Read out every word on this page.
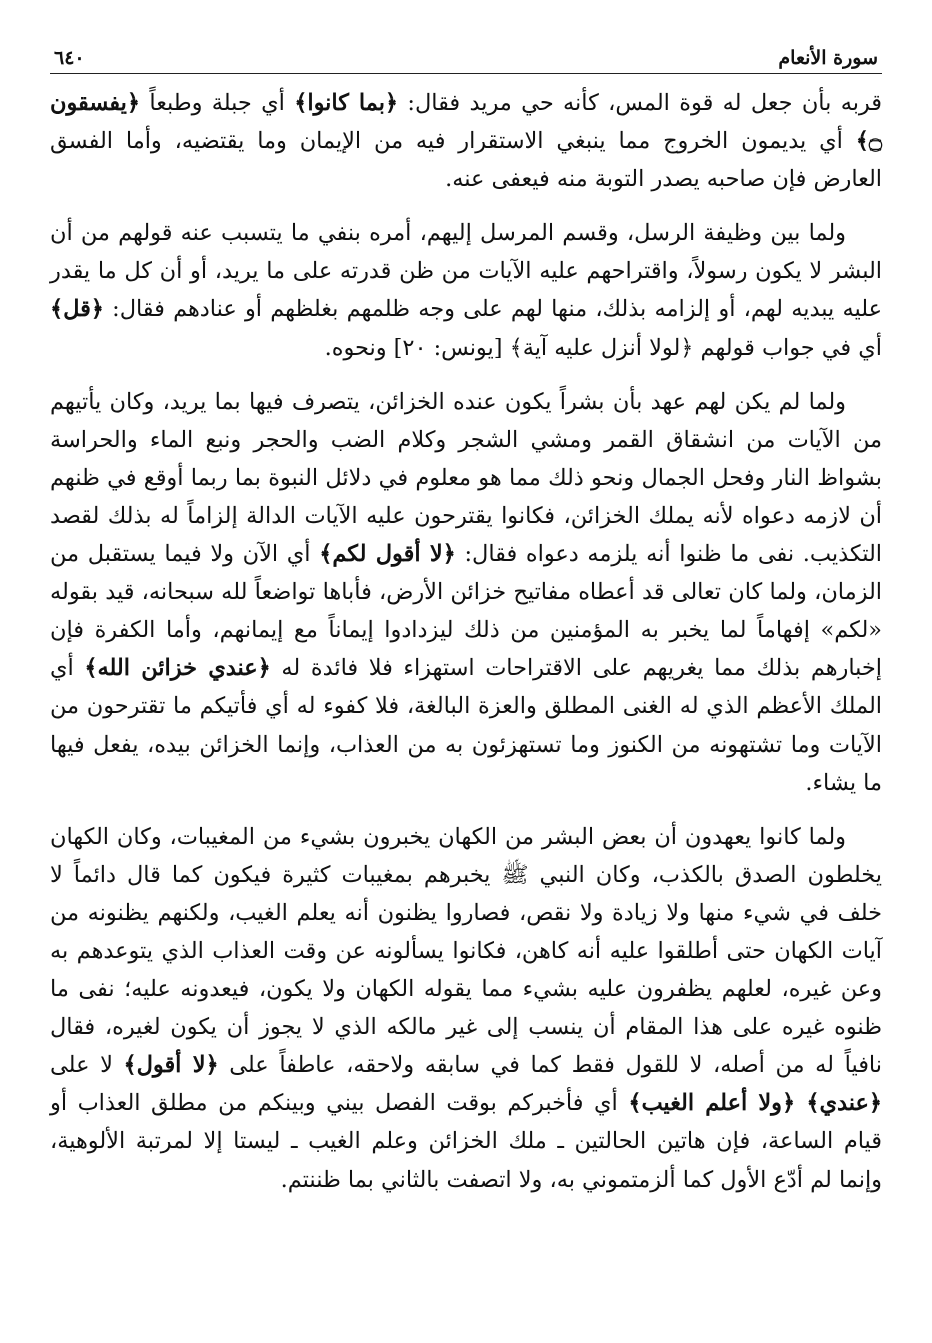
سورة الأنعام
٦٤٠

قربه بأن جعل له قوة المس، كأنه حي مريد فقال: ﴿بما كانوا﴾ أي جبلة وطبعاً ﴿يفسقون ۝﴾ أي يديمون الخروج مما ينبغي الاستقرار فيه من الإيمان وما يقتضيه، وأما الفسق العارض فإن صاحبه يصدر التوبة منه فيعفى عنه.

ولما بين وظيفة الرسل، وقسم المرسل إليهم، أمره بنفي ما يتسبب عنه قولهم من أن البشر لا يكون رسولاً، واقتراحهم عليه الآيات من ظن قدرته على ما يريد، أو أن كل ما يقدر عليه يبديه لهم، أو إلزامه بذلك، منها لهم على وجه ظلمهم بغلظهم أو عنادهم فقال: ﴿قل﴾ أي في جواب قولهم ﴿لولا أنزل عليه آية﴾ [يونس: ٢٠] ونحوه.

ولما لم يكن لهم عهد بأن بشراً يكون عنده الخزائن، يتصرف فيها بما يريد، وكان يأتيهم من الآيات من انشقاق القمر ومشي الشجر وكلام الضب والحجر ونبع الماء والحراسة بشواظ النار وفحل الجمال ونحو ذلك مما هو معلوم في دلائل النبوة بما ربما أوقع في ظنهم أن لازمه دعواه لأنه يملك الخزائن، فكانوا يقترحون عليه الآيات الدالة إلزاماً له بذلك لقصد التكذيب. نفى ما ظنوا أنه يلزمه دعواه فقال: ﴿لا أقول لكم﴾ أي الآن ولا فيما يستقبل من الزمان، ولما كان تعالى قد أعطاه مفاتيح خزائن الأرض، فأباها تواضعاً لله سبحانه، قيد بقوله «لكم» إفهاماً لما يخبر به المؤمنين من ذلك ليزدادوا إيماناً مع إيمانهم، وأما الكفرة فإن إخبارهم بذلك مما يغريهم على الاقتراحات استهزاء فلا فائدة له ﴿عندي خزائن الله﴾ أي الملك الأعظم الذي له الغنى المطلق والعزة البالغة، فلا كفوء له أي فأتيكم ما تقترحون من الآيات وما تشتهونه من الكنوز وما تستهزئون به من العذاب، وإنما الخزائن بيده، يفعل فيها ما يشاء.

ولما كانوا يعهدون أن بعض البشر من الكهان يخبرون بشيء من المغيبات، وكان الكهان يخلطون الصدق بالكذب، وكان النبي ﷺ يخبرهم بمغيبات كثيرة فيكون كما قال دائماً لا خلف في شيء منها ولا زيادة ولا نقص، فصاروا يظنون أنه يعلم الغيب، ولكنهم يظنونه من آيات الكهان حتى أطلقوا عليه أنه كاهن، فكانوا يسألونه عن وقت العذاب الذي يتوعدهم به وعن غيره، لعلهم يظفرون عليه بشيء مما يقوله الكهان ولا يكون، فيعدونه عليه؛ نفى ما ظنوه غيره على هذا المقام أن ينسب إلى غير مالكه الذي لا يجوز أن يكون لغيره، فقال نافياً له من أصله، لا للقول فقط كما في سابقه ولاحقه، عاطفاً على ﴿لا أقول﴾ لا على ﴿عندي﴾ ﴿ولا أعلم الغيب﴾ أي فأخبركم بوقت الفصل بيني وبينكم من مطلق العذاب أو قيام الساعة، فإن هاتين الحالتين ـ ملك الخزائن وعلم الغيب ـ ليستا إلا لمرتبة الألوهية، وإنما لم أدّع الأول كما ألزمتموني به، ولا اتصفت بالثاني بما ظننتم.
